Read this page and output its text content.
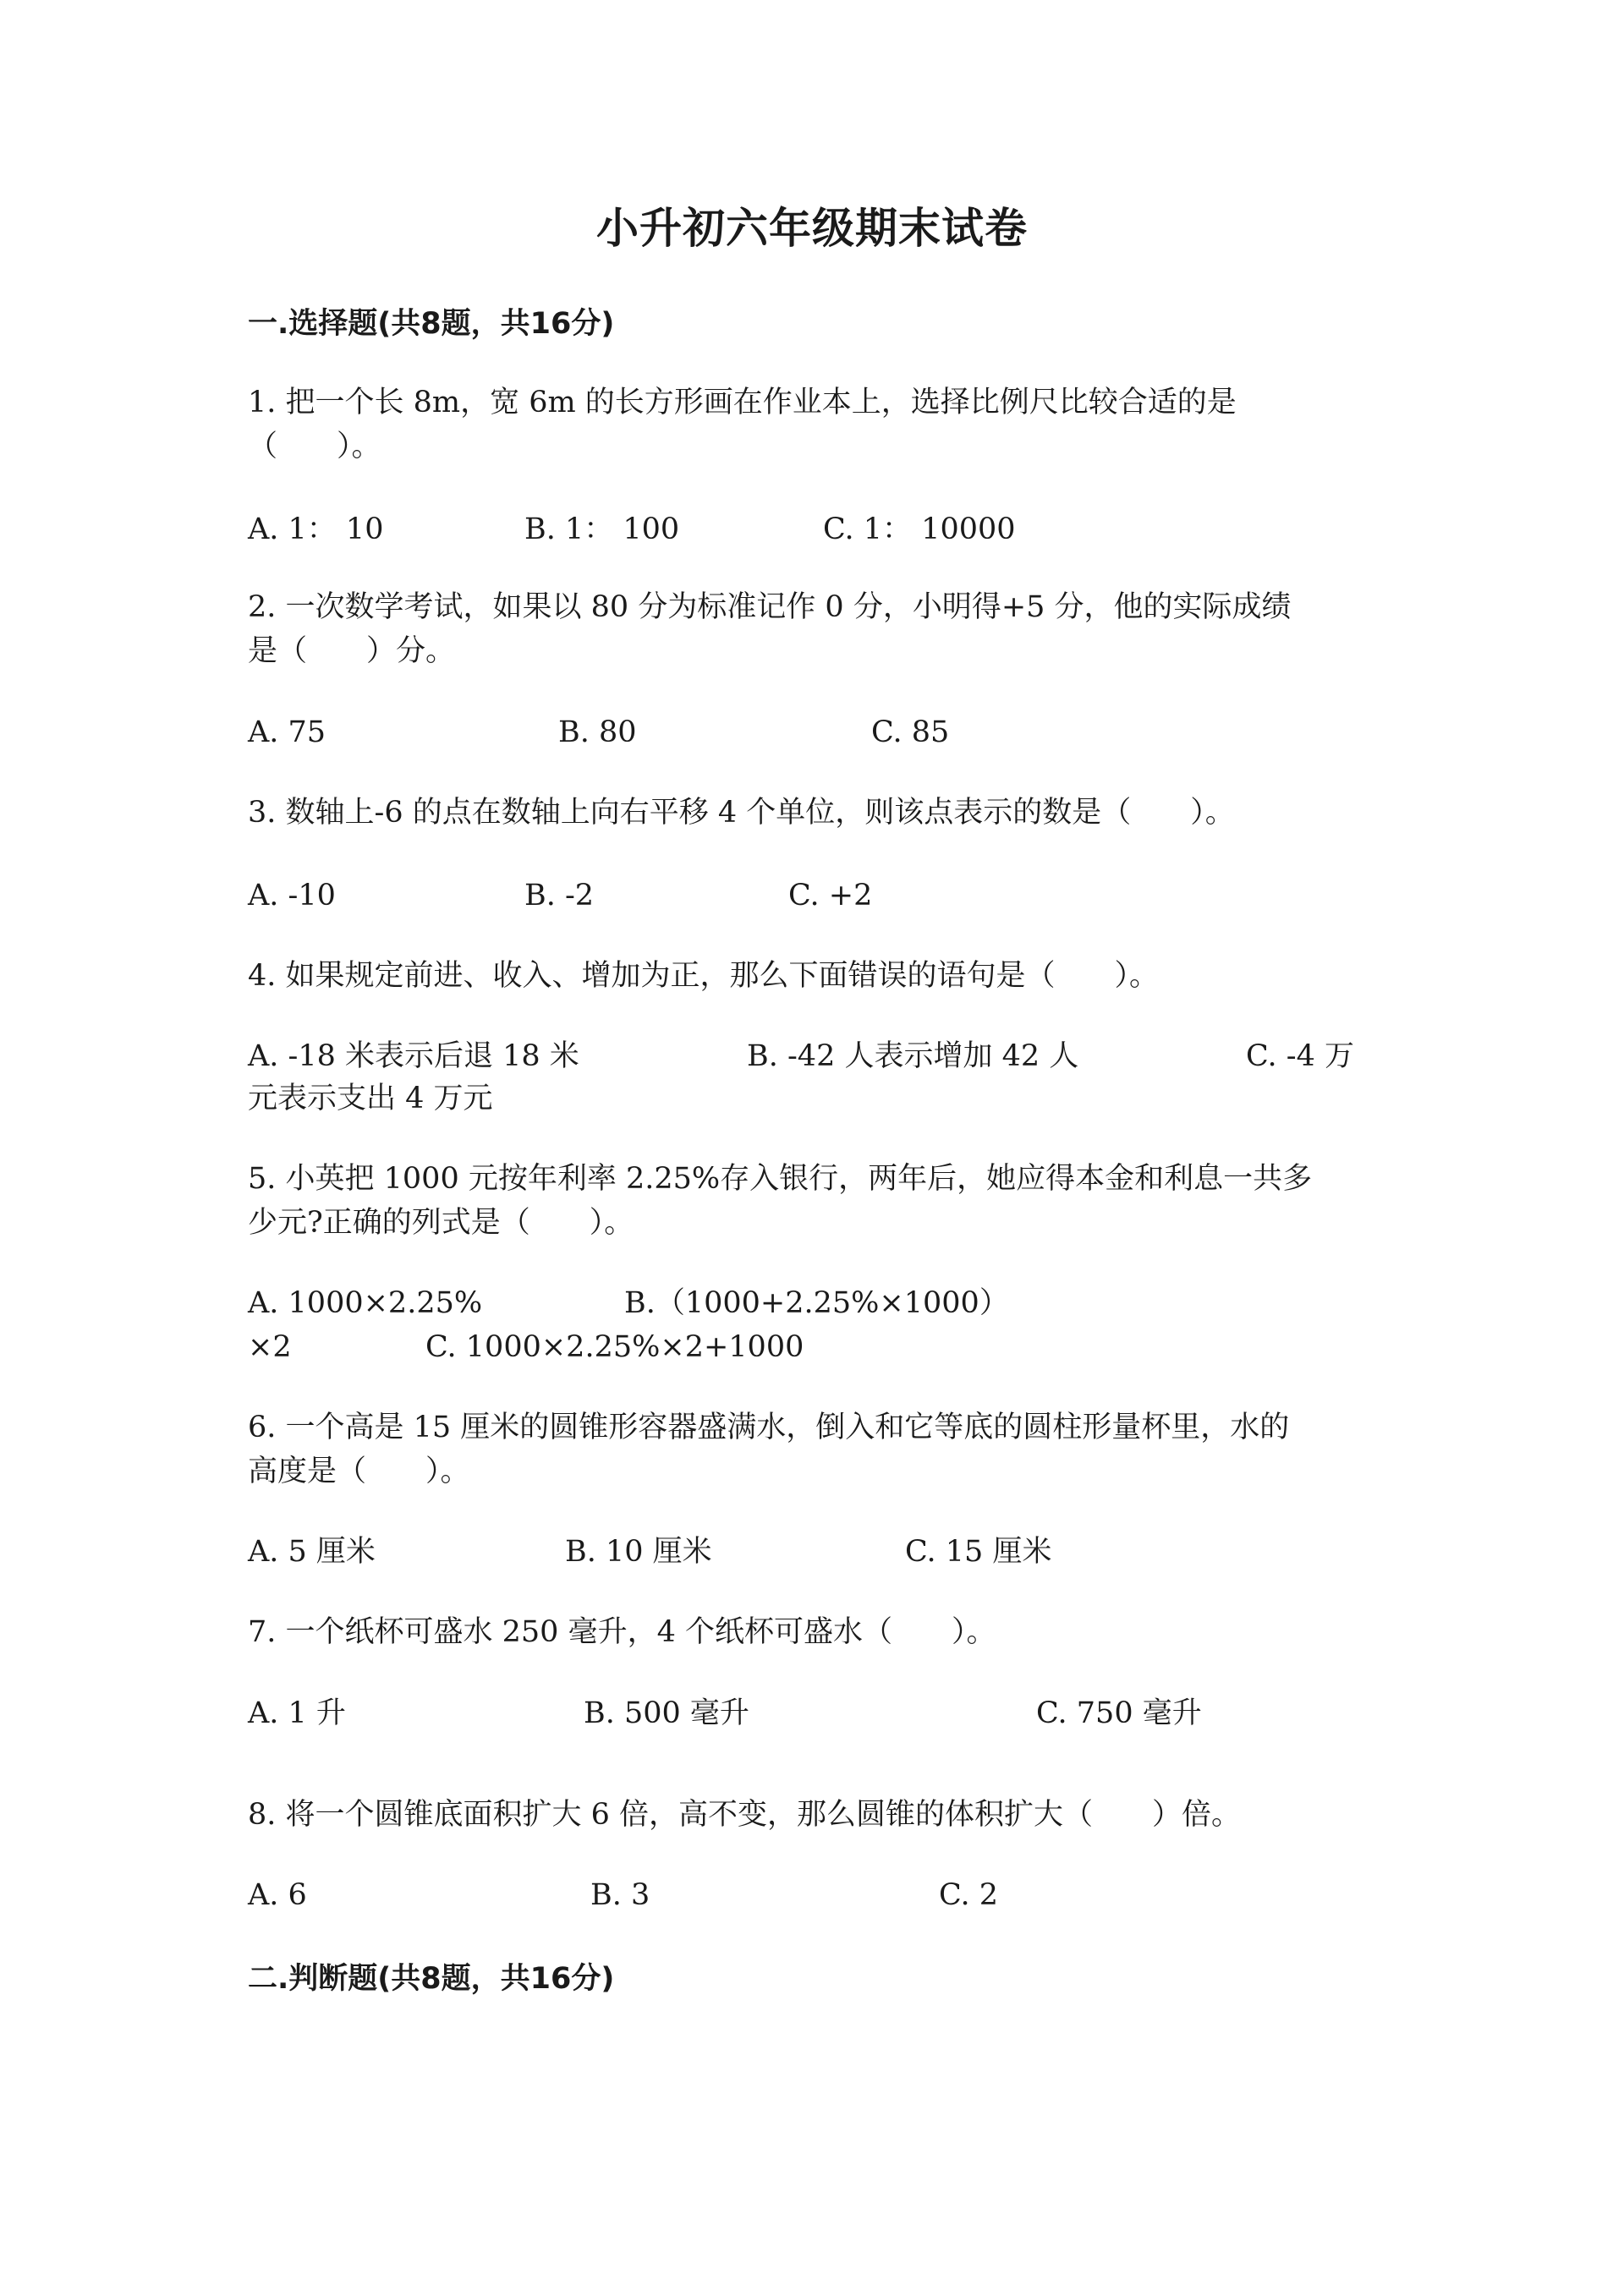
小升初六年级期末试卷
一.选择题(共8题，共16分)
1. 把一个长 8m，宽 6m 的长方形画在作业本上，选择比例尺比较合适的是
（　　）。
A. 1： 10	B. 1： 100	C. 1： 10000
2. 一次数学考试，如果以 80 分为标准记作 0 分，小明得+5 分，他的实际成绩
是（　　）分。
A. 75	B. 80	C. 85
3. 数轴上-6 的点在数轴上向右平移 4 个单位，则该点表示的数是（　　）。
A. -10	B. -2	C. +2
4. 如果规定前进、收入、增加为正，那么下面错误的语句是（　　）。
A. -18 米表示后退 18 米	B. -42 人表示增加 42 人	C. -4 万
元表示支出 4 万元
5. 小英把 1000 元按年利率 2.25%存入银行，两年后，她应得本金和利息一共多
少元?正确的列式是（　　）。
A. 1000×2.25%	B.（1000+2.25%×1000）
×2	C. 1000×2.25%×2+1000
6. 一个高是 15 厘米的圆锥形容器盛满水，倒入和它等底的圆柱形量杯里，水的
高度是（　　）。
A. 5 厘米	B. 10 厘米	C. 15 厘米
7. 一个纸杯可盛水 250 毫升，4 个纸杯可盛水（　　）。
A. 1 升	B. 500 毫升	C. 750 毫升
8. 将一个圆锥底面积扩大 6 倍，高不变，那么圆锥的体积扩大（　　）倍。
A. 6	B. 3	C. 2
二.判断题(共8题，共16分)
